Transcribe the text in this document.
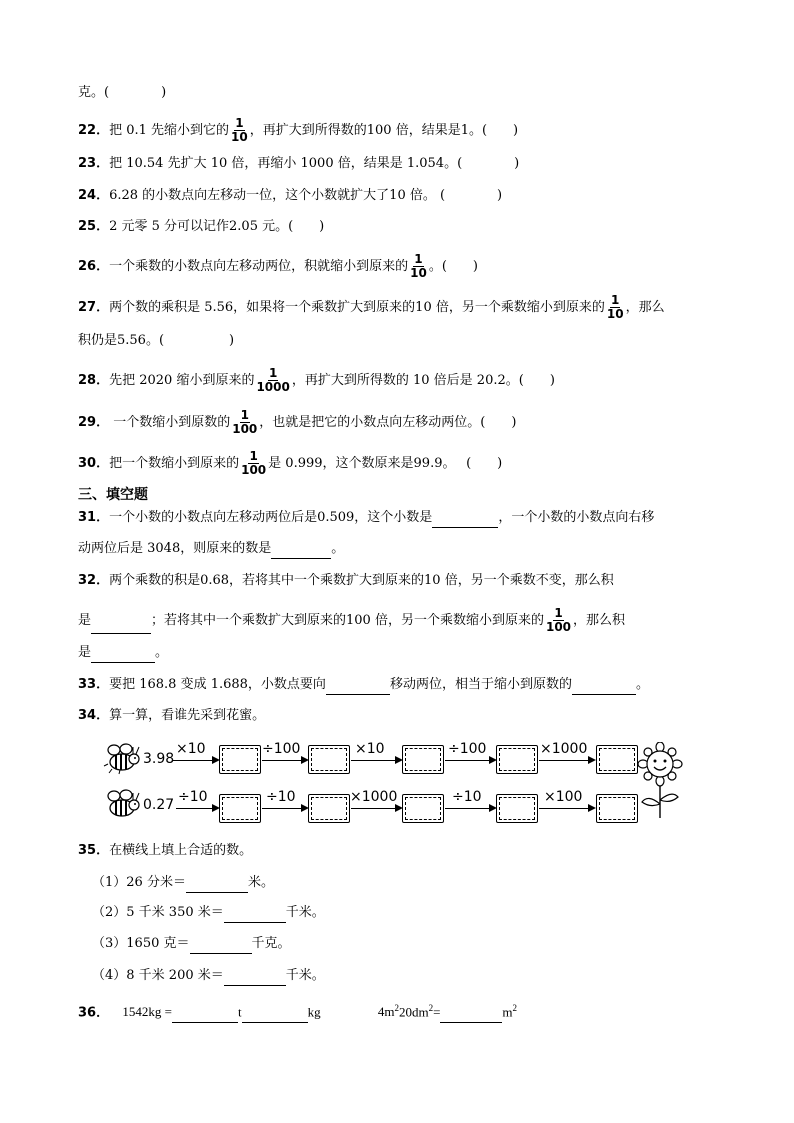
克。(　　　　)
22．把 0.1 先缩小到它的 $\frac{1}{10}$ ，再扩大到所得数的100 倍，结果是1。(　　)
23．把 10.54 先扩大 10 倍，再缩小 1000 倍，结果是 1.054。(　　　　)
24．6.28 的小数点向左移动一位，这个小数就扩大了10 倍。 (　　　　)
25．2 元零 5 分可以记作2.05 元。(　　)
26．一个乘数的小数点向左移动两位，积就缩小到原来的 $\frac{1}{10}$ 。(　　)
27．两个数的乘积是 5.56，如果将一个乘数扩大到原来的10 倍，另一个乘数缩小到原来的 $\frac{1}{10}$ ，那么
积仍是5.56。(　　　　　)
28．先把 2020 缩小到原来的 $\frac{1}{1000}$ ，再扩大到所得数的 10 倍后是 20.2。(　　)
29． 一个数缩小到原数的 $\frac{1}{100}$ ，也就是把它的小数点向左移动两位。(　　)
30．把一个数缩小到原来的 $\frac{1}{100}$ 是 0.999，这个数原来是99.9。　 (　　)
三、填空题
31．一个小数的小数点向左移动两位后是0.509，这个小数是	，一个小数的小数点向右移
动两位后是 3048，则原来的数是	。
32．两个乘数的积是0.68，若将其中一个乘数扩大到原来的10 倍，另一个乘数不变，那么积
是	；若将其中一个乘数扩大到原来的100 倍，另一个乘数缩小到原来的 $\frac{1}{100}$ ，那么积
是	。
33．要把 168.8 变成 1.688，小数点要向	移动两位，相当于缩小到原数的	。
34．算一算，看谁先采到花蜜。
3.98
0.27
×10	÷100	×10	÷100	×1000
÷10	÷10	×1000	÷10	×100
35．在横线上填上合适的数。
（1）26 分米＝	米。
（2）5 千米 350 米＝	千米。
（3）1650 克＝	千克。
（4）8 千米 200 米＝	千米。
36． 1542kg =	t	kg	$4m^220dm^2=$	$m^2$
